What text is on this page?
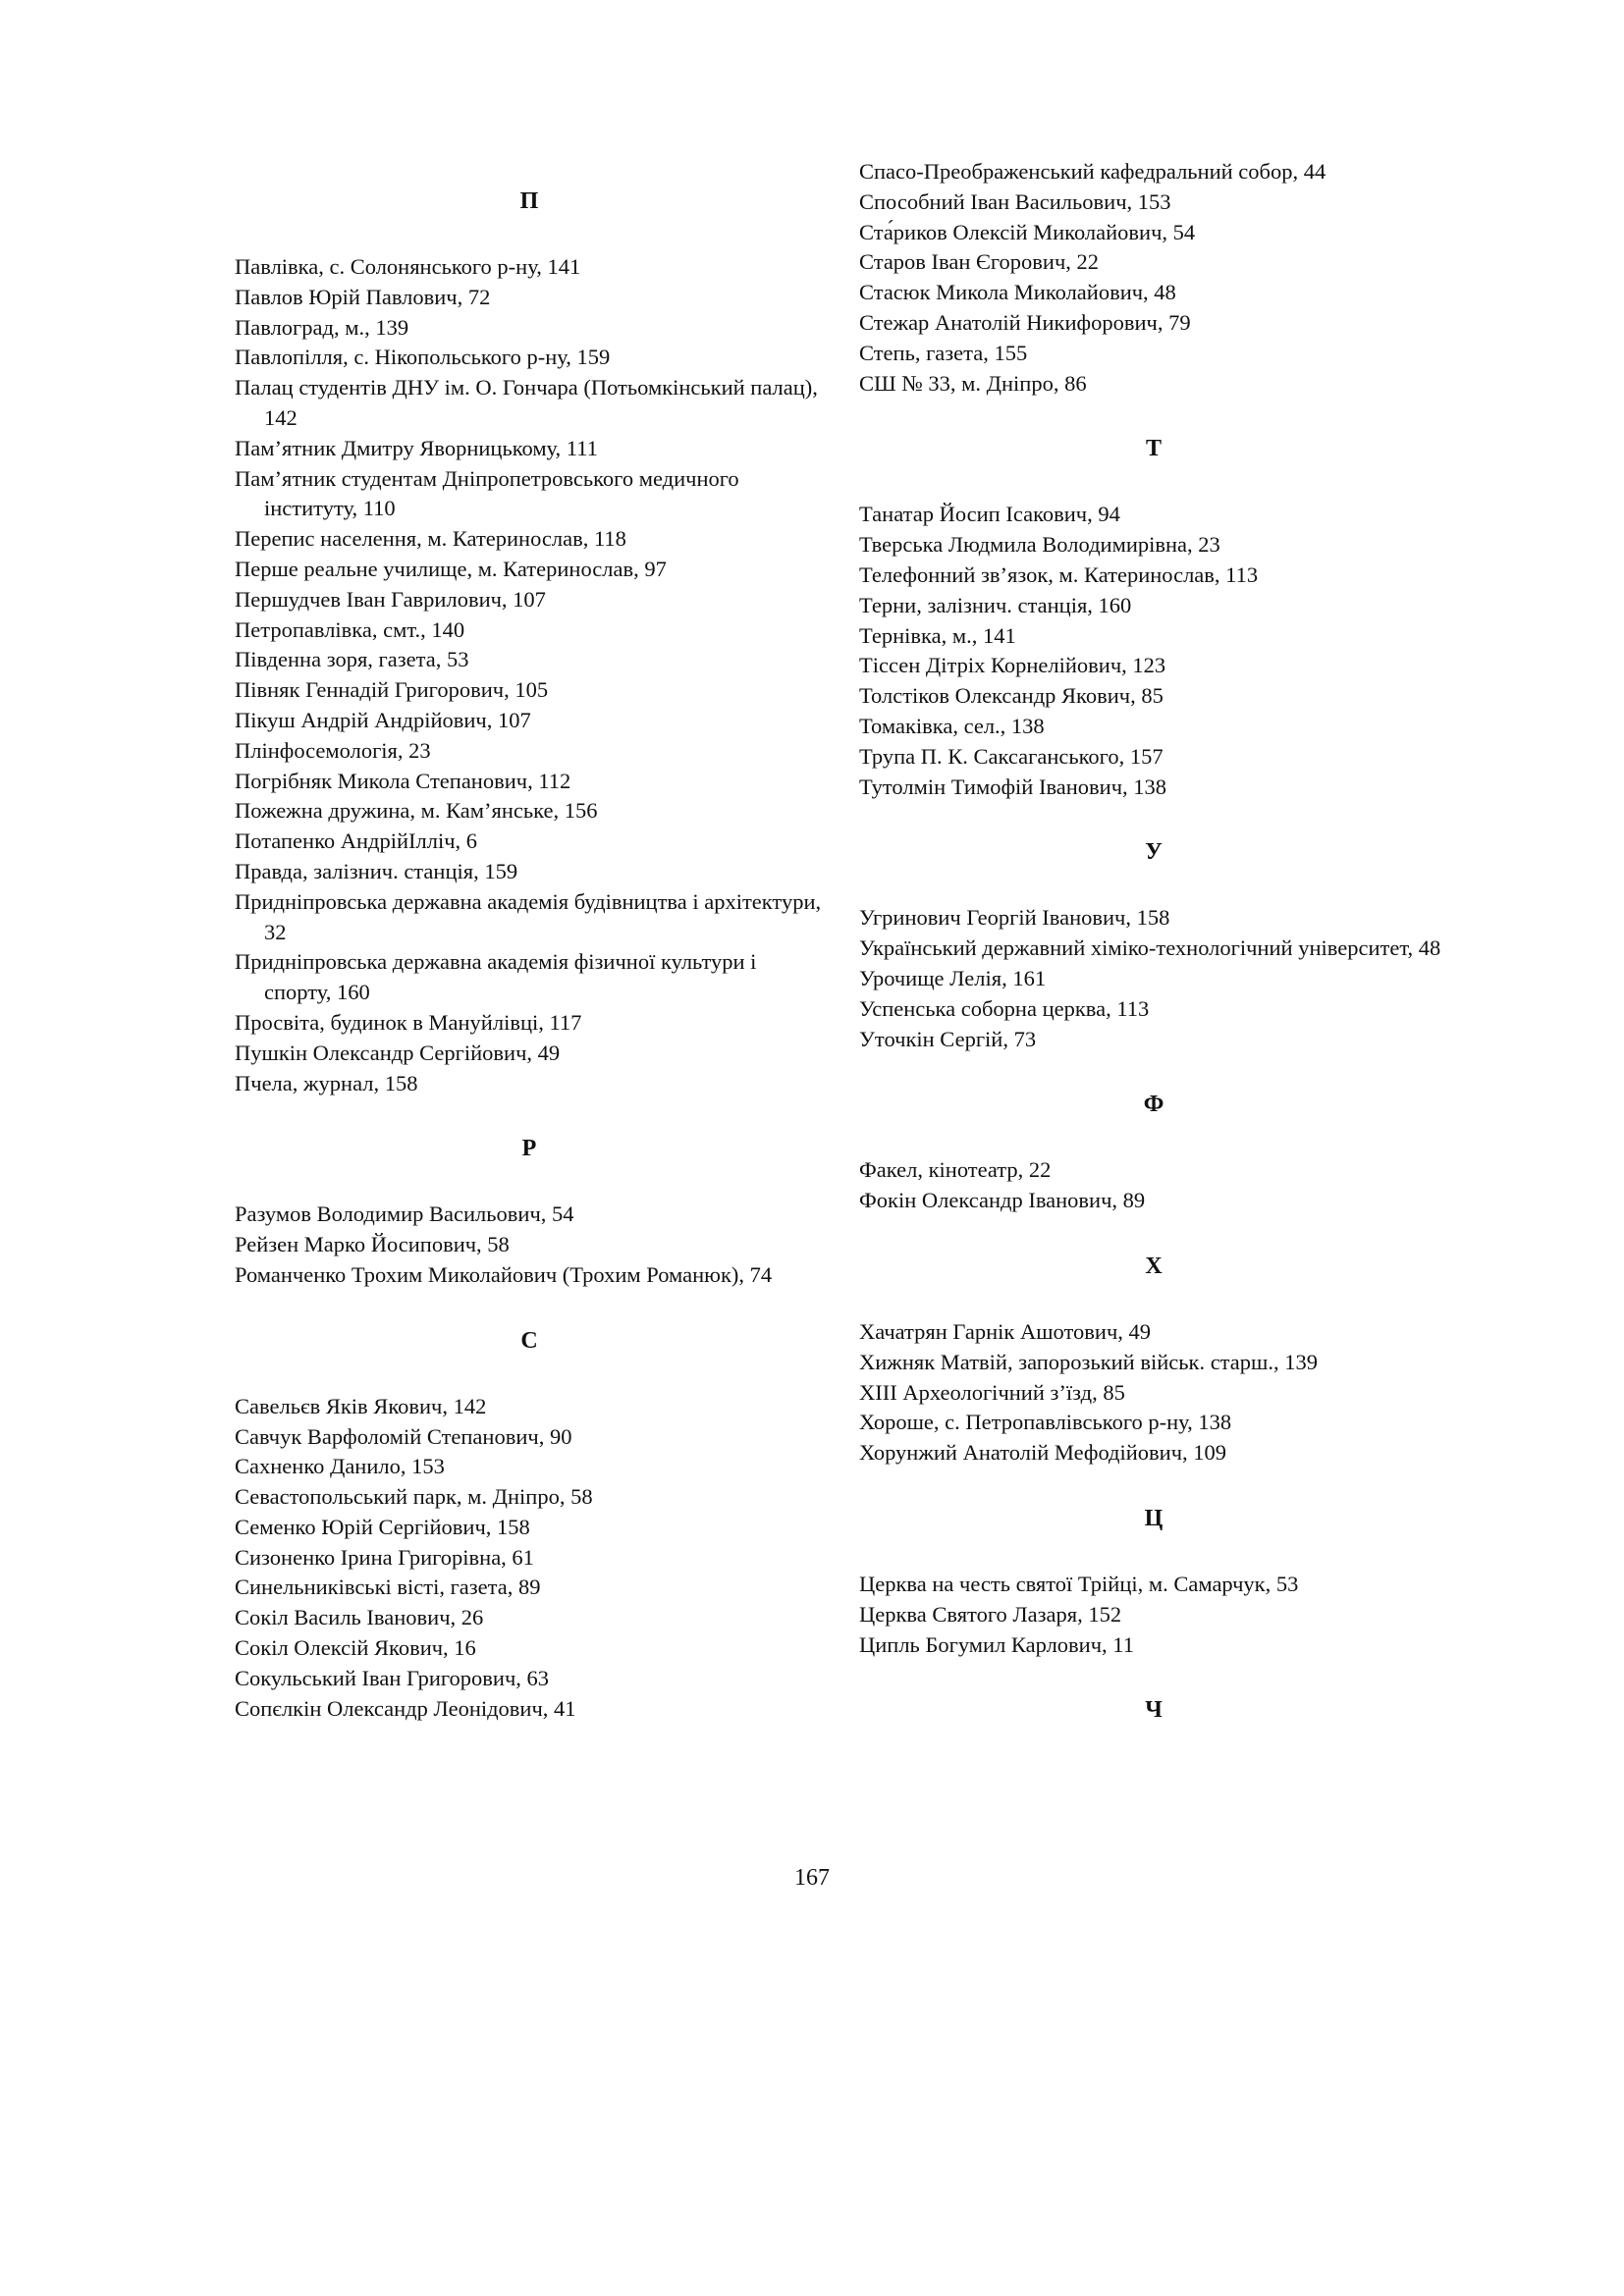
П
Павлівка, с. Солонянського р-ну, 141
Павлов Юрій Павлович, 72
Павлоград, м., 139
Павлопілля, с. Нікопольського р-ну, 159
Палац студентів ДНУ ім. О. Гончара (Потьомкінський палац), 142
Пам’ятник Дмитру Яворницькому, 111
Пам’ятник студентам Дніпропетровського медичного інституту, 110
Перепис населення, м. Катеринослав, 118
Перше реальне училище, м. Катеринослав, 97
Першудчев Іван Гаврилович, 107
Петропавлівка, смт., 140
Південна зоря, газета, 53
Півняк Геннадій Григорович, 105
Пікуш Андрій Андрійович, 107
Плінфосемологія, 23
Погрібняк Микола Степанович, 112
Пожежна дружина, м. Кам’янське, 156
Потапенко АндрійІлліч, 6
Правда, залізнич. станція, 159
Придніпровська державна академія будівництва і архітектури, 32
Придніпровська державна академія фізичної культури і спорту, 160
Просвіта, будинок в Мануйлівці, 117
Пушкін Олександр Сергійович, 49
Пчела, журнал, 158
Р
Разумов Володимир Васильович, 54
Рейзен Марко Йосипович, 58
Романченко Трохим Миколайович (Трохим Романюк), 74
С
Савельєв Яків Якович, 142
Савчук Варфоломій Степанович, 90
Сахненко Данило, 153
Севастопольський парк, м. Дніпро, 58
Семенко Юрій Сергійович, 158
Сизоненко Ірина Григорівна, 61
Синельниківські вісті, газета, 89
Сокіл Василь Іванович, 26
Сокіл Олексій Якович, 16
Сокульський Іван Григорович, 63
Сопєлкін Олександр Леонідович, 41
Спасо-Преображенський кафедральний собор, 44
Способний Іван Васильович, 153
Ста́риков Олексій Миколайович, 54
Старов Іван Єгорович, 22
Стасюк Микола Миколайович, 48
Стежар Анатолій Никифорович, 79
Степь, газета, 155
СШ № 33, м. Дніпро, 86
Т
Танатар Йосип Ісакович, 94
Тверська Людмила Володимирівна, 23
Телефонний зв’язок, м. Катеринослав, 113
Терни, залізнич. станція, 160
Тернівка, м., 141
Тіссен Дітріх Корнелійович, 123
Толстіков Олександр Якович, 85
Томаківка, сел., 138
Трупа П. К. Саксаганського, 157
Тутолмін Тимофій Іванович, 138
У
Угринович Георгій Іванович, 158
Український державний хіміко-технологічний університет, 48
Урочище Лелія, 161
Успенська соборна церква, 113
Уточкін Сергій, 73
Ф
Факел, кінотеатр, 22
Фокін Олександр Іванович, 89
Х
Хачатрян Гарнік Ашотович, 49
Хижняк Матвій, запорозький військ. старш., 139
ХІІІ Археологічний з’їзд, 85
Хороше, с. Петропавлівського р-ну, 138
Хорунжий Анатолій Мефодійович, 109
Ц
Церква на честь святої Трійці, м. Самарчук, 53
Церква Святого Лазаря, 152
Ципль Богумил Карлович, 11
Ч
167
